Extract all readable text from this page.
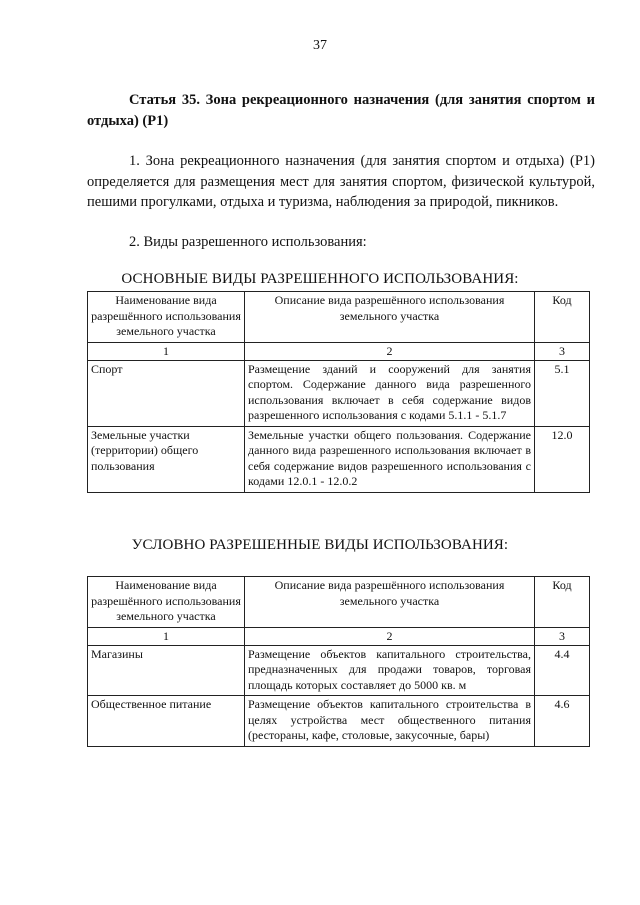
37
Статья 35. Зона рекреационного назначения (для занятия спортом и отдыха) (Р1)
1. Зона рекреационного назначения (для занятия спортом и отдыха) (Р1) определяется для размещения мест для занятия спортом, физической культурой, пешими прогулками, отдыха и туризма, наблюдения за природой, пикников.
2. Виды разрешенного использования:
ОСНОВНЫЕ ВИДЫ РАЗРЕШЕННОГО ИСПОЛЬЗОВАНИЯ:
Наименование вида разрешённого использования земельного участка	Описание вида разрешённого использования земельного участка	Код
1	2	3
Спорт	Размещение зданий и сооружений для занятия спортом. Содержание данного вида разрешенного использования включает в себя содержание видов разрешенного использования с кодами 5.1.1 - 5.1.7	5.1
Земельные участки (территории) общего пользования	Земельные участки общего пользования. Содержание данного вида разрешенного использования включает в себя содержание видов разрешенного использования с кодами 12.0.1 - 12.0.2	12.0
УСЛОВНО РАЗРЕШЕННЫЕ ВИДЫ ИСПОЛЬЗОВАНИЯ:
Наименование вида разрешённого использования земельного участка	Описание вида разрешённого использования земельного участка	Код
1	2	3
Магазины	Размещение объектов капитального строительства, предназначенных для продажи товаров, торговая площадь которых составляет до 5000 кв. м	4.4
Общественное питание	Размещение объектов капитального строительства в целях устройства мест общественного питания (рестораны, кафе, столовые, закусочные, бары)	4.6
